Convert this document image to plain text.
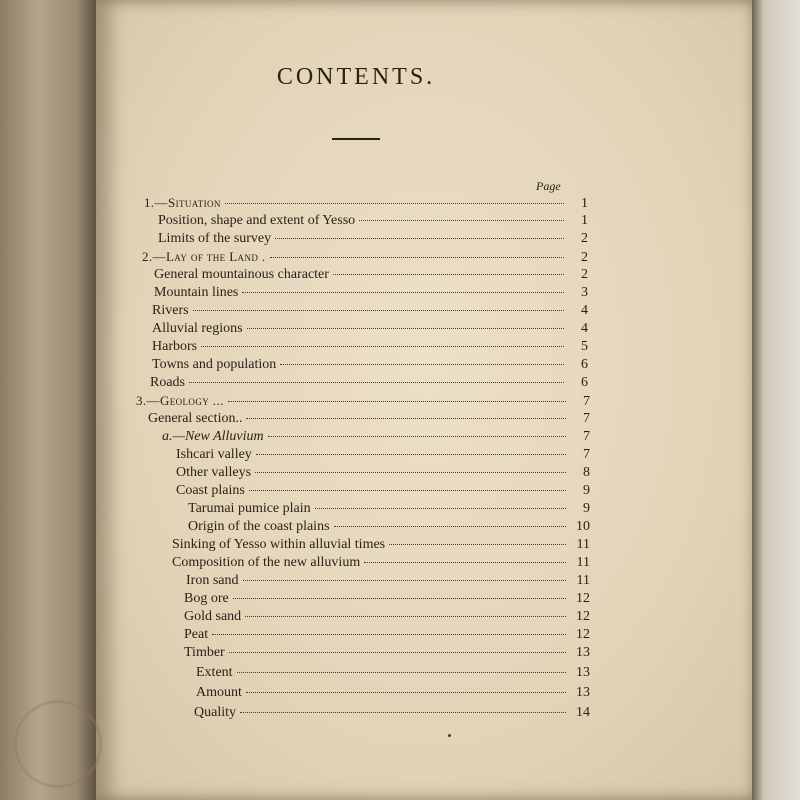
CONTENTS.
Page
1.—Situation	1
Position, shape and extent of Yesso	1
Limits of the survey	2
2.—Lay of the Land .	2
General mountainous character	2
Mountain lines	3
Rivers	4
Alluvial regions	4
Harbors	5
Towns and population	6
Roads	6
3.—Geology ...	7
General section..	7
a.—New Alluvium	7
Ishcari valley	7
Other valleys	8
Coast plains	9
Tarumai pumice plain	9
Origin of the coast plains	10
Sinking of Yesso within alluvial times	11
Composition of the new alluvium	11
Iron sand	11
Bog ore	12
Gold sand	12
Peat	12
Timber	13
Extent	13
Amount	13
Quality	14
